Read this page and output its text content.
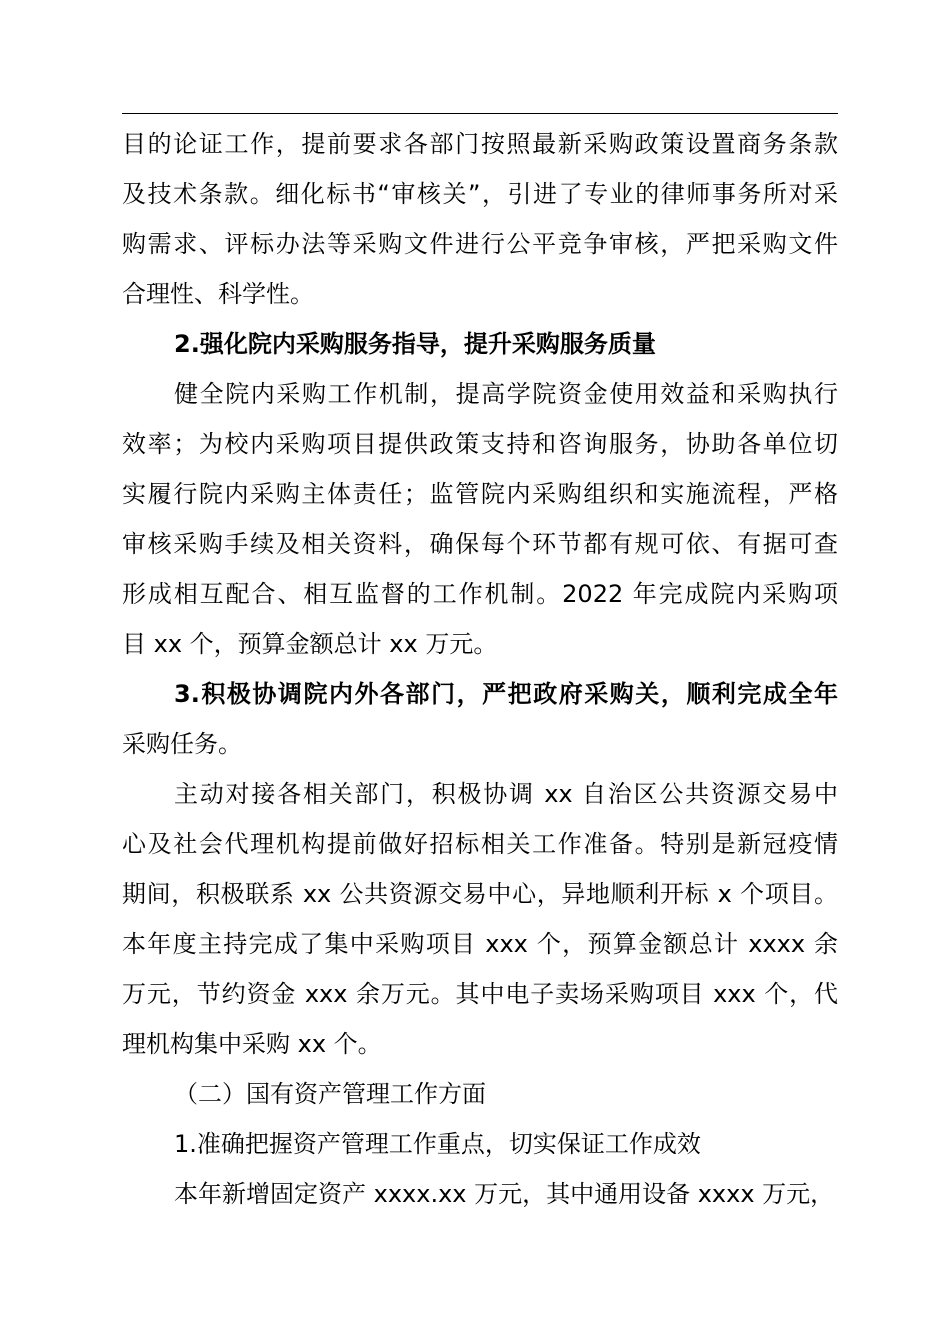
目的论证工作，提前要求各部门按照最新采购政策设置商务条款
及技术条款。细化标书“审核关”，引进了专业的律师事务所对采
购需求、评标办法等采购文件进行公平竞争审核，严把采购文件
合理性、科学性。
2.强化院内采购服务指导，提升采购服务质量
健全院内采购工作机制，提高学院资金使用效益和采购执行
效率；为校内采购项目提供政策支持和咨询服务，协助各单位切
实履行院内采购主体责任；监管院内采购组织和实施流程，严格
审核采购手续及相关资料，确保每个环节都有规可依、有据可查
形成相互配合、相互监督的工作机制。2022 年完成院内采购项
目 xx 个，预算金额总计 xx 万元。
3.积极协调院内外各部门，严把政府采购关，顺利完成全年
采购任务。
主动对接各相关部门，积极协调 xx 自治区公共资源交易中
心及社会代理机构提前做好招标相关工作准备。特别是新冠疫情
期间，积极联系 xx 公共资源交易中心，异地顺利开标 x 个项目。
本年度主持完成了集中采购项目 xxx 个，预算金额总计 xxxx 余
万元，节约资金 xxx 余万元。其中电子卖场采购项目 xxx 个，代
理机构集中采购 xx 个。
（二）国有资产管理工作方面
1.准确把握资产管理工作重点，切实保证工作成效
本年新增固定资产 xxxx.xx 万元，其中通用设备 xxxx 万元，
